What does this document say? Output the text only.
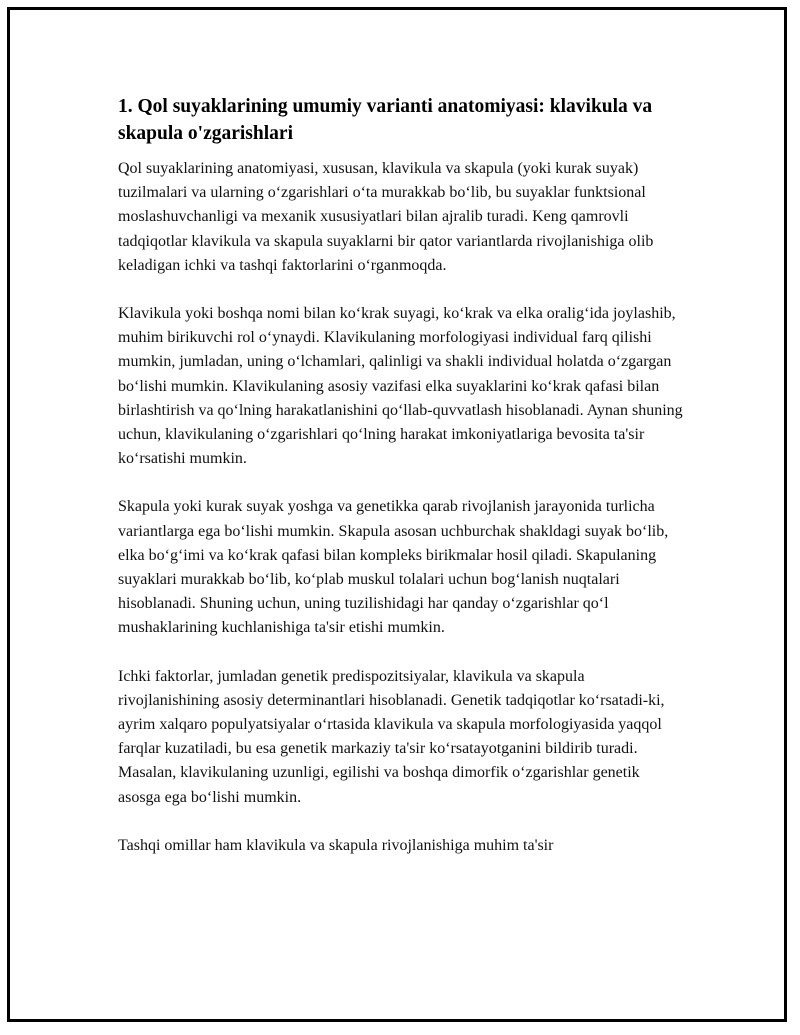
1. Qol suyaklarining umumiy varianti anatomiyasi: klavikula va skapula o'zgarishlari

Qol suyaklarining anatomiyasi, xususan, klavikula va skapula (yoki kurak suyak) tuzilmalari va ularning oʻzgarishlari oʻta murakkab boʻlib, bu suyaklar funktsional moslashuvchanligi va mexanik xususiyatlari bilan ajralib turadi. Keng qamrovli tadqiqotlar klavikula va skapula suyaklarni bir qator variantlarda rivojlanishiga olib keladigan ichki va tashqi faktorlarini oʻrganmoqda.

Klavikula yoki boshqa nomi bilan koʻkrak suyagi, koʻkrak va elka oraligʻida joylashib, muhim birikuvchi rol oʻynaydi. Klavikulaning morfologiyasi individual farq qilishi mumkin, jumladan, uning oʻlchamlari, qalinligi va shakli individual holatda oʻzgargan boʻlishi mumkin. Klavikulaning asosiy vazifasi elka suyaklarini koʻkrak qafasi bilan birlashtirish va qoʻlning harakatlanishini qoʻllab-quvvatlash hisoblanadi. Aynan shuning uchun, klavikulaning oʻzgarishlari qoʻlning harakat imkoniyatlariga bevosita ta'sir koʻrsatishi mumkin.

Skapula yoki kurak suyak yoshga va genetikka qarab rivojlanish jarayonida turlicha variantlarga ega boʻlishi mumkin. Skapula asosan uchburchak shakldagi suyak boʻlib, elka boʻgʻimi va koʻkrak qafasi bilan kompleks birikmalar hosil qiladi. Skapulaning suyaklari murakkab boʻlib, koʻplab muskul tolalari uchun bogʻlanish nuqtalari hisoblanadi. Shuning uchun, uning tuzilishidagi har qanday oʻzgarishlar qoʻl mushaklarining kuchlanishiga ta'sir etishi mumkin.

Ichki faktorlar, jumladan genetik predispozitsiyalar, klavikula va skapula rivojlanishining asosiy determinantlari hisoblanadi. Genetik tadqiqotlar koʻrsatadi-ki, ayrim xalqaro populyatsiyalar oʻrtasida klavikula va skapula morfologiyasida yaqqol farqlar kuzatiladi, bu esa genetik markaziy ta'sir koʻrsatayotganini bildirib turadi. Masalan, klavikulaning uzunligi, egilishi va boshqa dimorfik oʻzgarishlar genetik asosga ega boʻlishi mumkin.

Tashqi omillar ham klavikula va skapula rivojlanishiga muhim ta'sir
